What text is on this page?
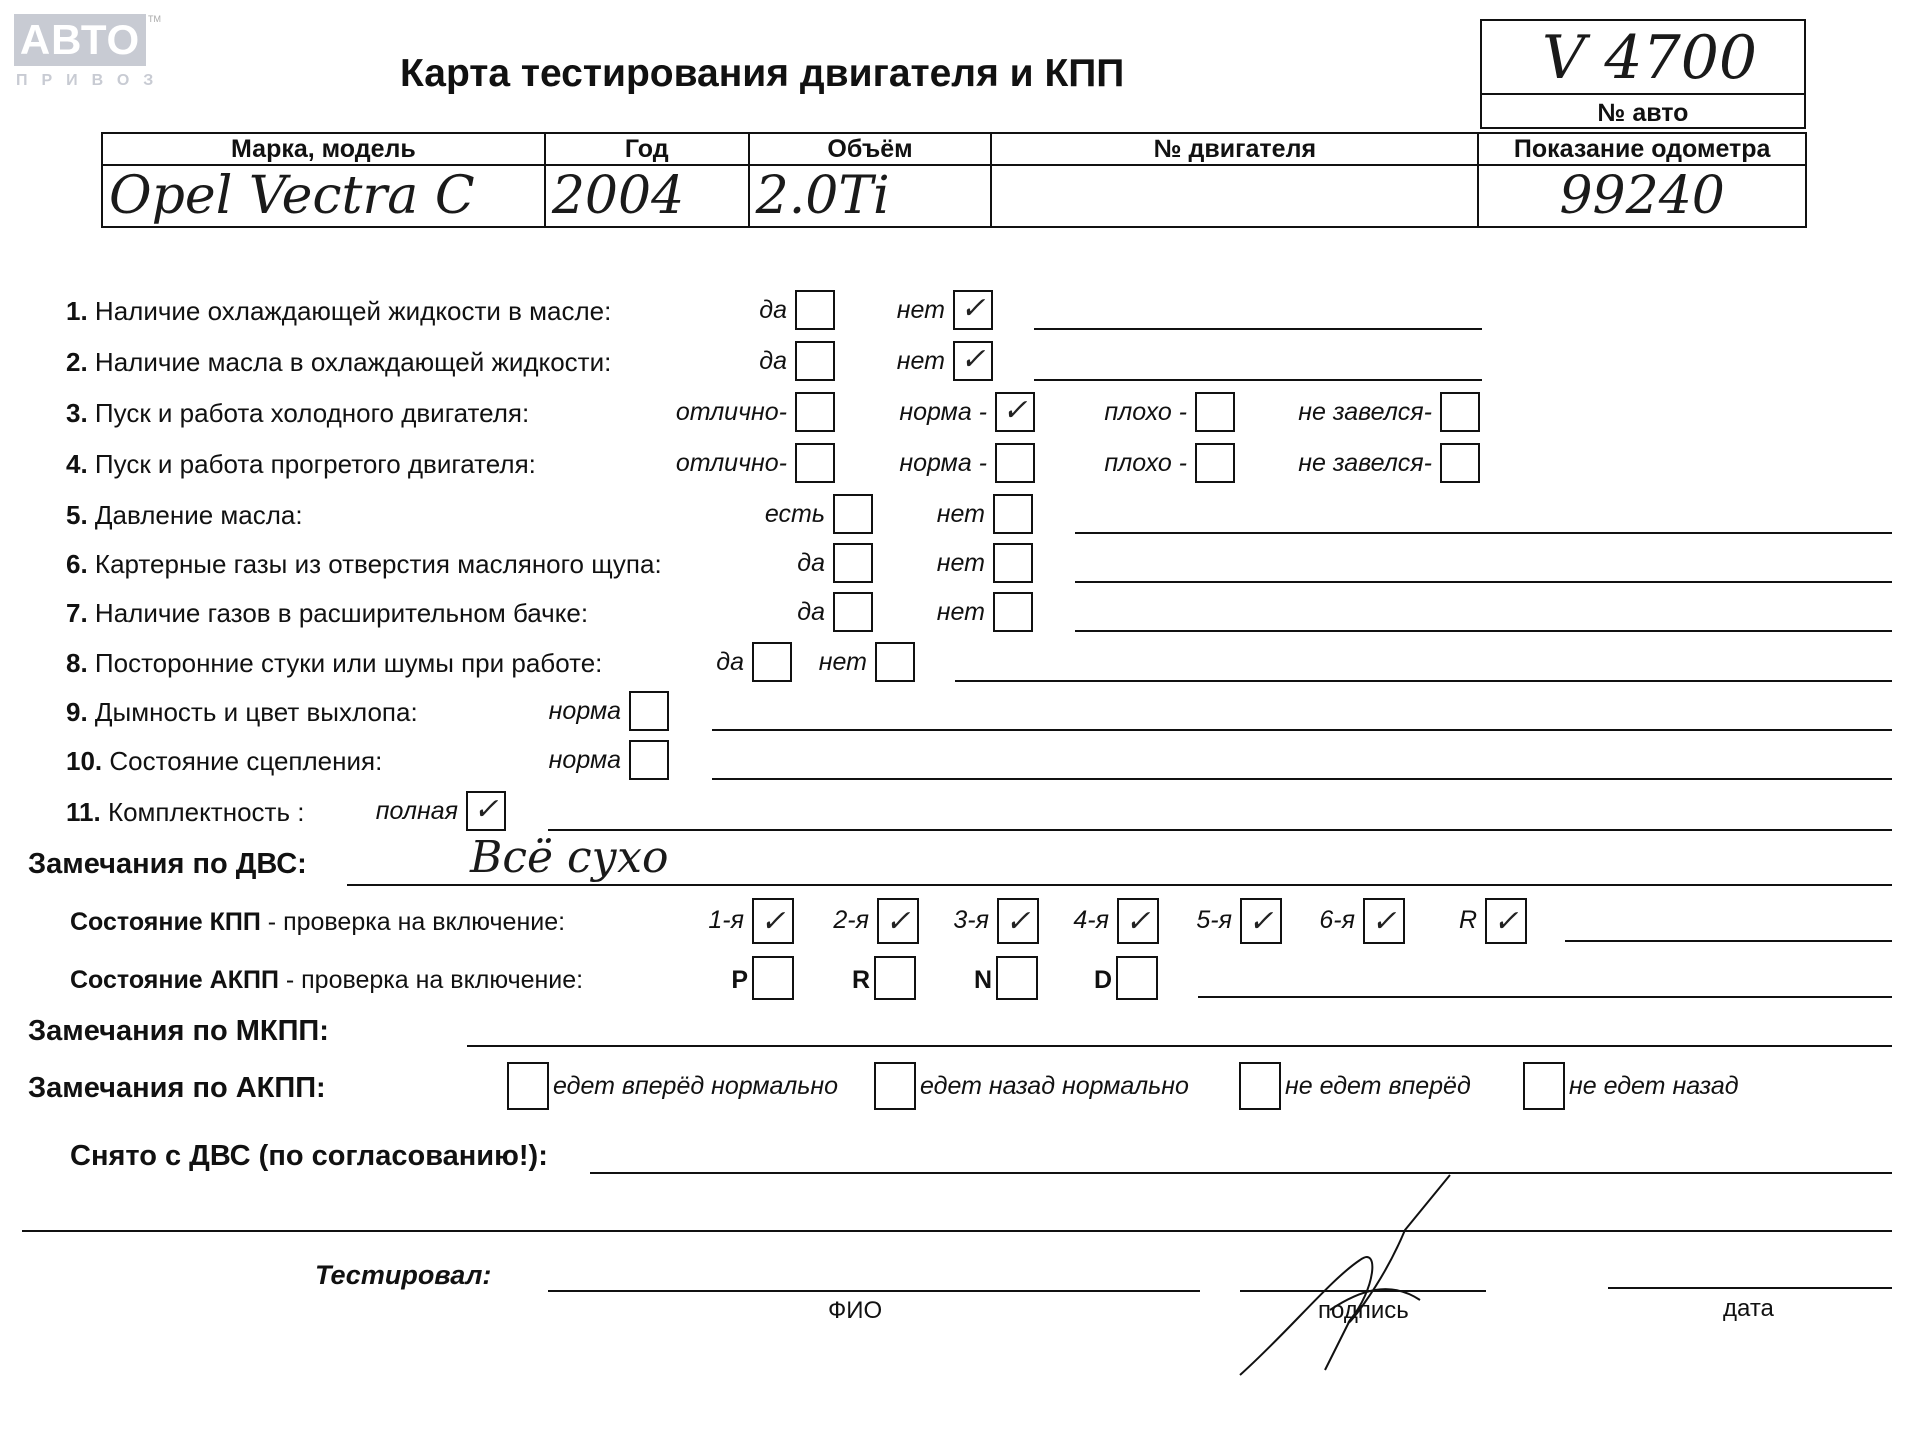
АВТО TM
ПРИВОЗ	Карта тестирования двигателя и КПП	V 4700
№ авто
Марка, модель	Год	Объём	№ двигателя	Показание одометра
Opel Vectra C	2004	2.0Ti		99240
1. Наличие охлаждающей жидкости в масле:	да	нет ✓
2. Наличие масла в охлаждающей жидкости:	да	нет ✓
3. Пуск и работа холодного двигателя:	отлично-	норма - ✓	плохо -	не завелся-
4. Пуск и работа прогретого двигателя:	отлично-	норма -	плохо -	не завелся-
5. Давление масла:	есть	нет
6. Картерные газы из отверстия масляного щупа:	да	нет
7. Наличие газов в расширительном бачке:	да	нет
8. Посторонние стуки или шумы при работе:	да	нет
9. Дымность и цвет выхлопа:	норма
10. Состояние сцепления:	норма
11. Комплектность :	полная ✓
Замечания по ДВС:	Всё сухо
Состояние КПП - проверка на включение:	1-я ✓	2-я ✓	3-я ✓	4-я ✓	5-я ✓	6-я ✓	R ✓
Состояние АКПП - проверка на включение:	P	R	N	D
Замечания по МКПП:
Замечания по АКПП:	едет вперёд нормально	едет назад нормально	не едет вперёд	не едет назад
Снято с ДВС (по согласованию!):
Тестировал:
ФИО	подпись	дата
